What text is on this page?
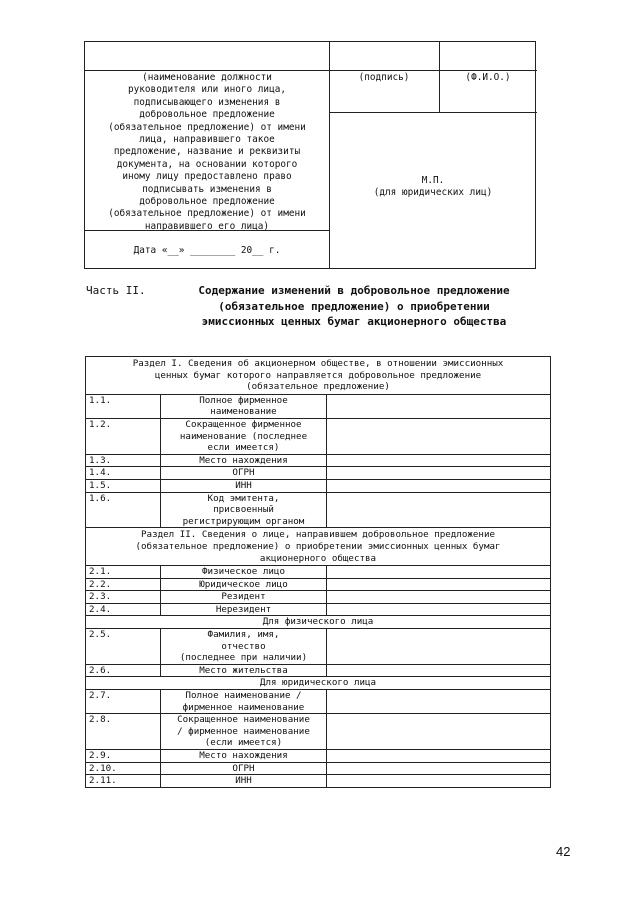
(наименование должности
руководителя или иного лица,
подписывающего изменения в
добровольное предложение
(обязательное предложение) от имени
лица, направившего такое
предложение, название и реквизиты
документа, на основании которого
иному лицу предоставлено право
подписывать изменения в
добровольное предложение
(обязательное предложение) от имени
направившего его лица)
(подпись)	(Ф.И.О.)
Дата «__» ________ 20__ г.
М.П.
(для юридических лиц)
Часть II.	Содержание изменений в добровольное предложение
(обязательное предложение) о приобретении
эмиссионных ценных бумаг акционерного общества
Раздел I. Сведения об акционерном обществе, в отношении эмиссионных
ценных бумаг которого направляется добровольное предложение
(обязательное предложение)		
1.1.	Полное фирменное
наименование	
1.2.	Сокращенное фирменное
наименование (последнее
если имеется)	
1.3.	Место нахождения	
1.4.	ОГРН	
1.5.	ИНН	
1.6.	Код эмитента,
присвоенный
регистрирующим органом	
Раздел II. Сведения о лице, направившем добровольное предложение
(обязательное предложение) о приобретении эмиссионных ценных бумаг
акционерного общества		
2.1.	Физическое лицо	
2.2.	Юридическое лицо	
2.3.	Резидент	
2.4.	Нерезидент	
Для физического лица		
2.5.	Фамилия, имя,
отчество
(последнее при наличии)	
2.6.	Место жительства	
Для юридического лица		
2.7.	Полное наименование /
фирменное наименование	
2.8.	Сокращенное наименование
/ фирменное наименование
(если имеется)	
2.9.	Место нахождения	
2.10.	ОГРН	
2.11.	ИНН	
42
